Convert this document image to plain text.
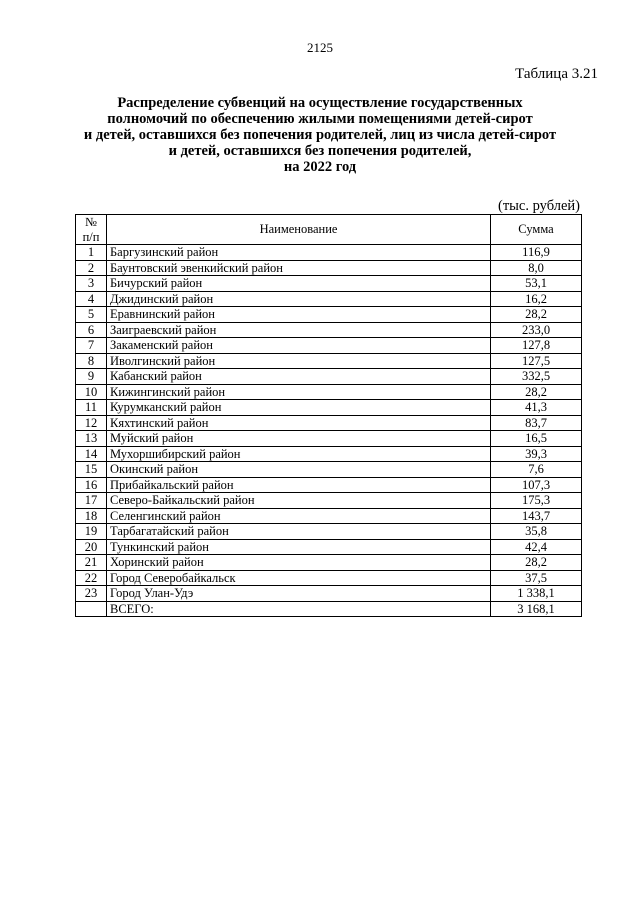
2125
Таблица 3.21
Распределение субвенций на осуществление государственных
полномочий по обеспечению жилыми помещениями детей-сирот
и детей, оставшихся без попечения родителей, лиц из числа детей-сирот
и детей, оставшихся без попечения родителей,
на 2022 год
(тыс. рублей)
№
п/п	Наименование	Сумма
1	Баргузинский район	116,9
2	Баунтовский эвенкийский район	8,0
3	Бичурский район	53,1
4	Джидинский район	16,2
5	Еравнинский район	28,2
6	Заиграевский район	233,0
7	Закаменский район	127,8
8	Иволгинский район	127,5
9	Кабанский район	332,5
10	Кижингинский район	28,2
11	Курумканский район	41,3
12	Кяхтинский район	83,7
13	Муйский район	16,5
14	Мухоршибирский район	39,3
15	Окинский район	7,6
16	Прибайкальский район	107,3
17	Северо-Байкальский район	175,3
18	Селенгинский район	143,7
19	Тарбагатайский район	35,8
20	Тункинский район	42,4
21	Хоринский район	28,2
22	Город Северобайкальск	37,5
23	Город Улан-Удэ	1 338,1
	ВСЕГО:	3 168,1
